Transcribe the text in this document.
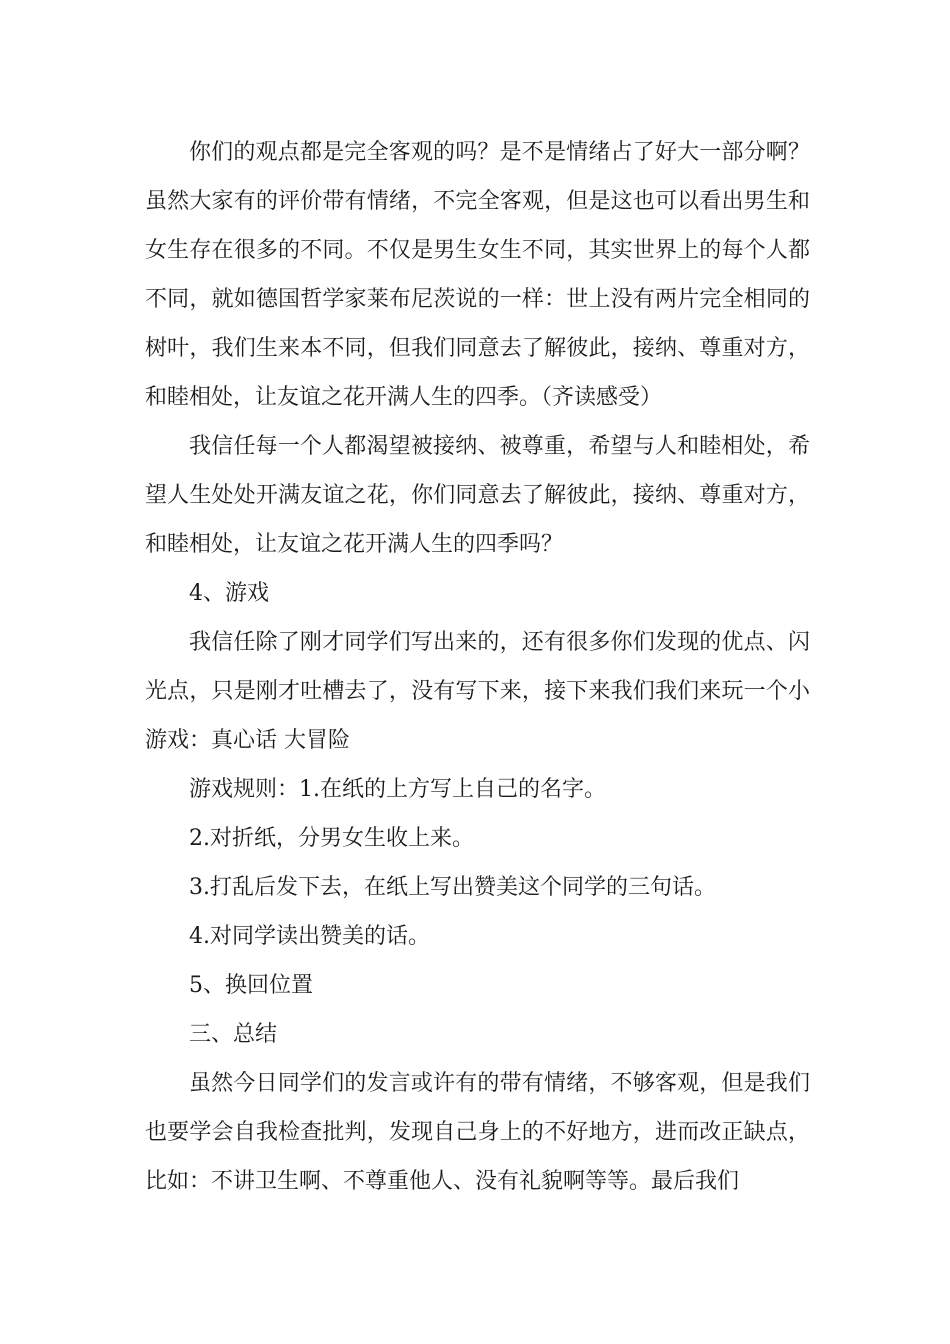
你们的观点都是完全客观的吗？是不是情绪占了好大一部分啊？虽然大家有的评价带有情绪，不完全客观，但是这也可以看出男生和女生存在很多的不同。不仅是男生女生不同，其实世界上的每个人都不同，就如德国哲学家莱布尼茨说的一样：世上没有两片完全相同的树叶，我们生来本不同，但我们同意去了解彼此，接纳、尊重对方，和睦相处，让友谊之花开满人生的四季。（齐读感受）

我信任每一个人都渴望被接纳、被尊重，希望与人和睦相处，希望人生处处开满友谊之花，你们同意去了解彼此，接纳、尊重对方，和睦相处，让友谊之花开满人生的四季吗？

4、游戏

我信任除了刚才同学们写出来的，还有很多你们发现的优点、闪光点，只是刚才吐槽去了，没有写下来，接下来我们我们来玩一个小游戏：真心话 大冒险

游戏规则：1.在纸的上方写上自己的名字。

2.对折纸，分男女生收上来。

3.打乱后发下去，在纸上写出赞美这个同学的三句话。

4.对同学读出赞美的话。

5、换回位置

三、总结

虽然今日同学们的发言或许有的带有情绪，不够客观，但是我们也要学会自我检查批判，发现自己身上的不好地方，进而改正缺点，比如：不讲卫生啊、不尊重他人、没有礼貌啊等等。最后我们
